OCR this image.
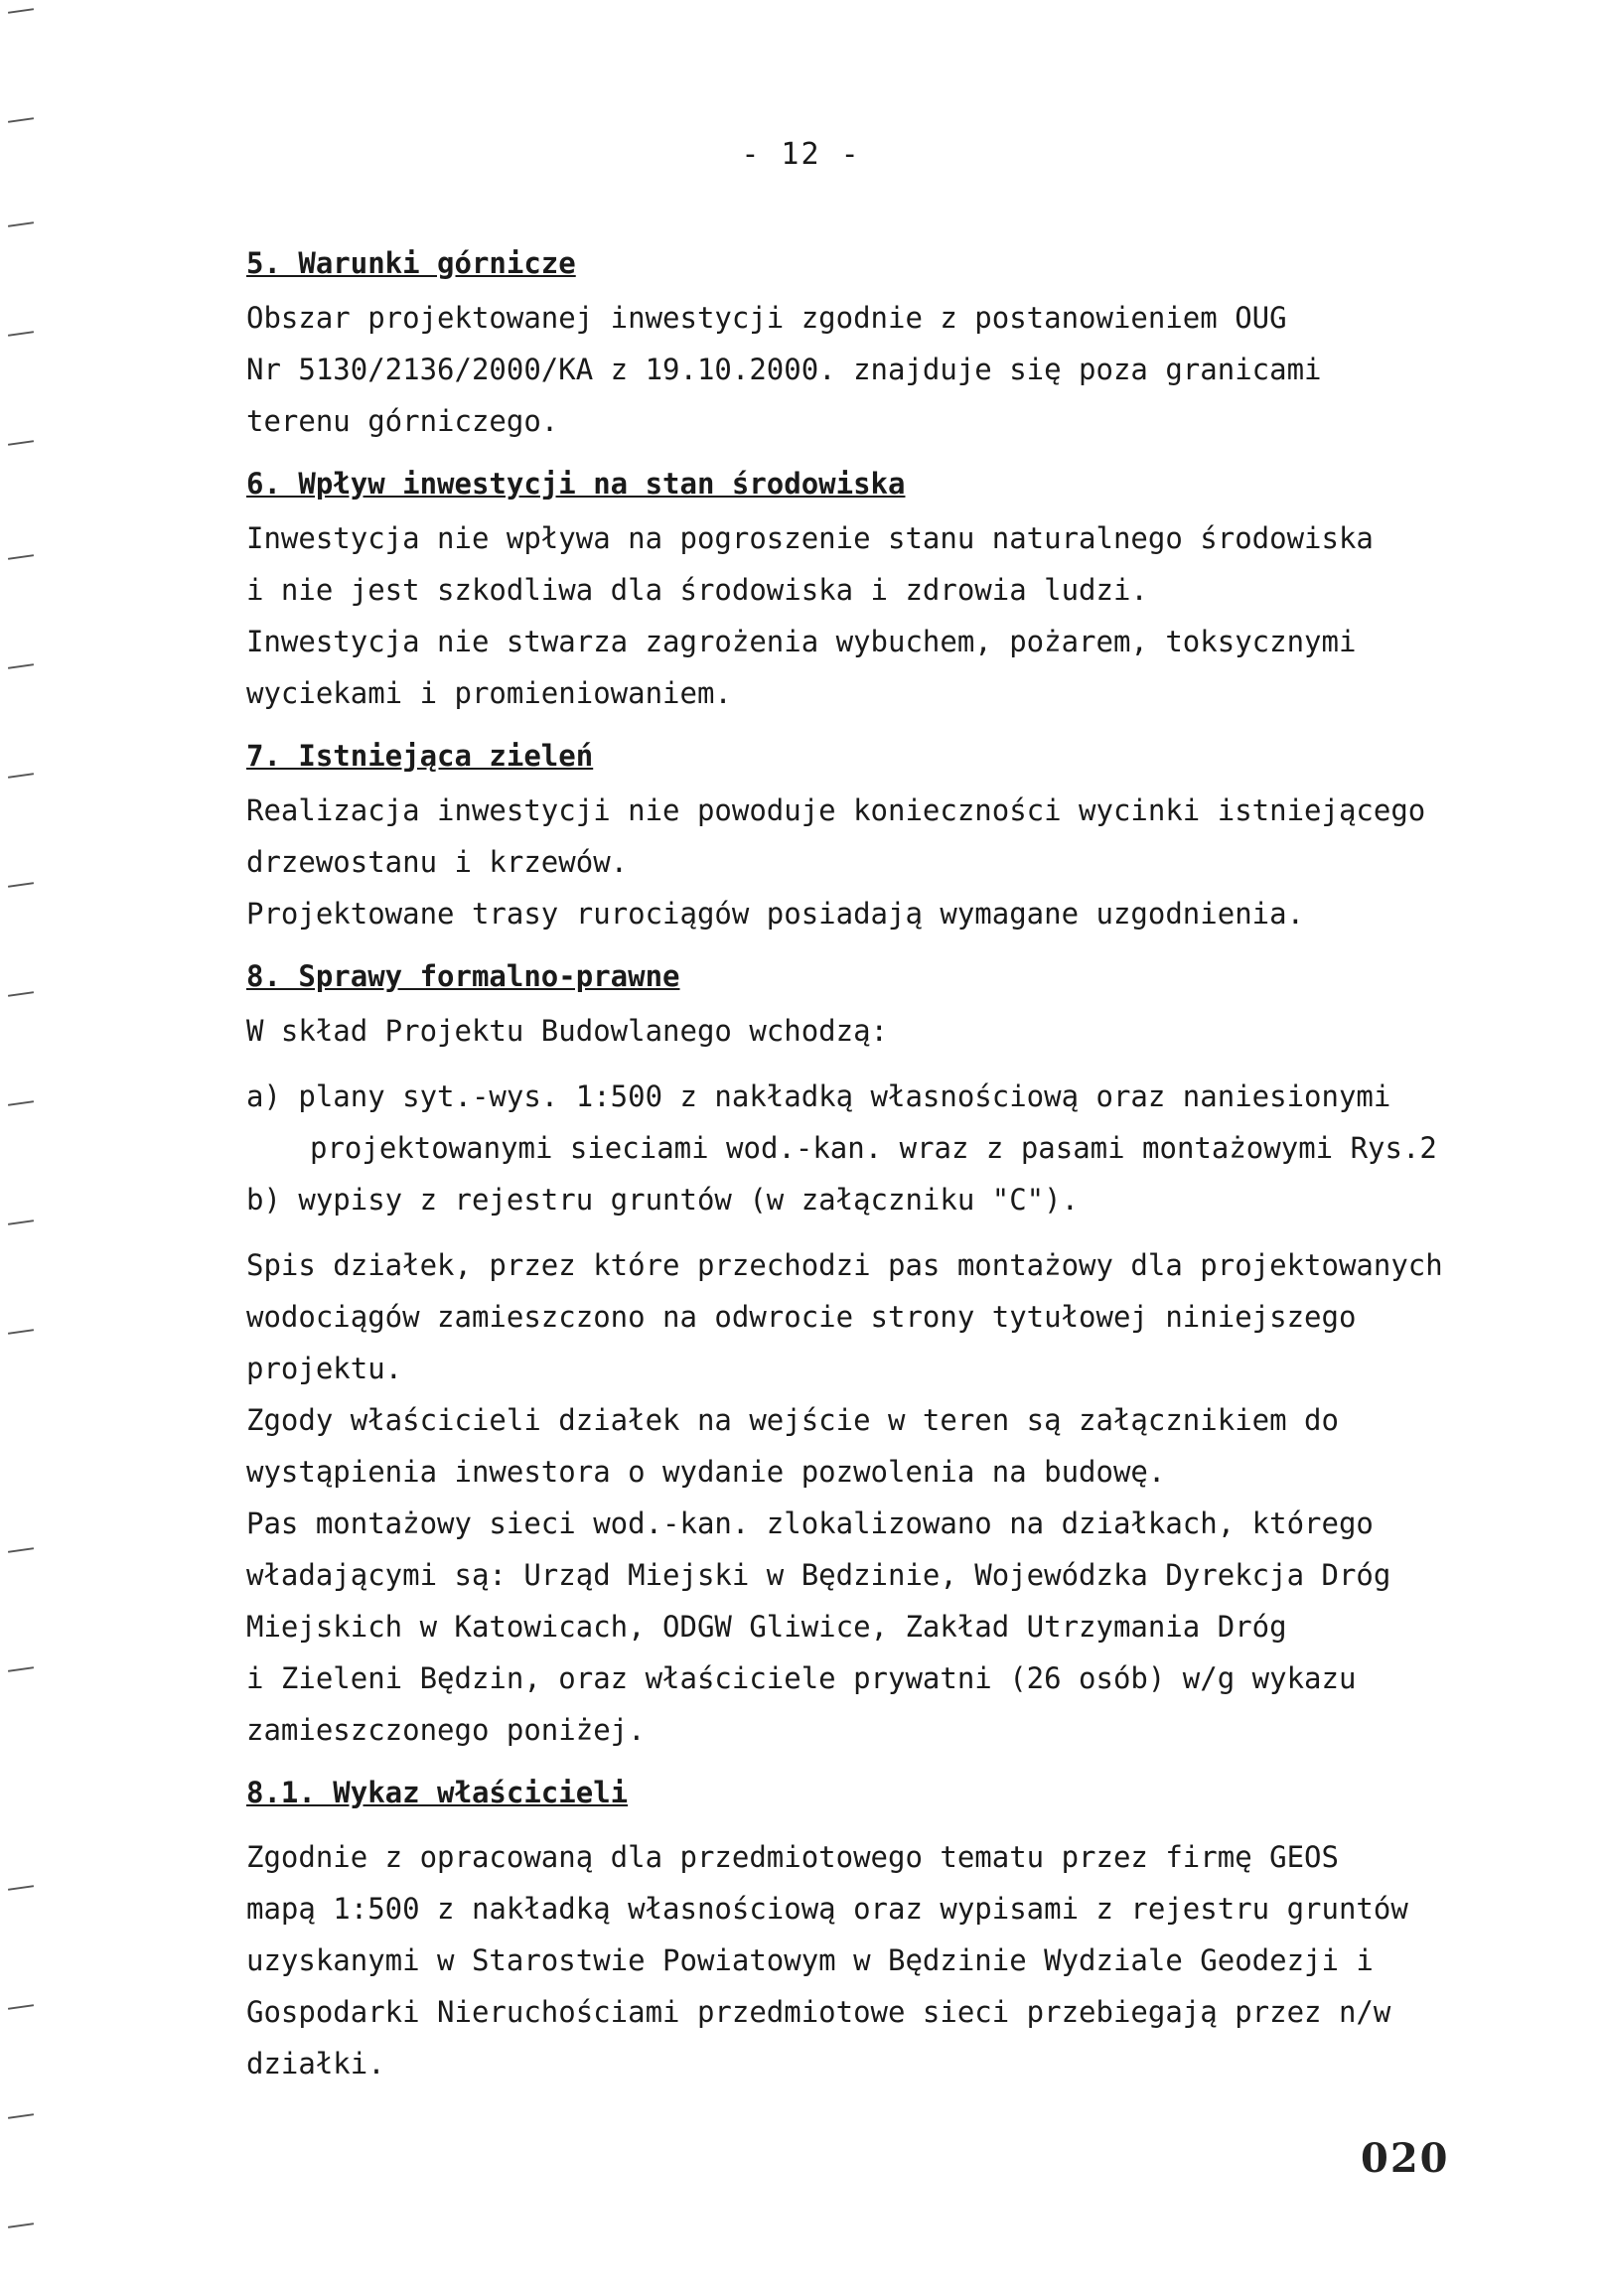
- 12 -
5. Warunki górnicze
Obszar projektowanej inwestycji zgodnie z postanowieniem OUG
Nr 5130/2136/2000/KA z 19.10.2000. znajduje się poza granicami
terenu górniczego.
6. Wpływ inwestycji na stan środowiska
Inwestycja nie wpływa na pogroszenie stanu naturalnego środowiska
i nie jest szkodliwa dla środowiska i zdrowia ludzi.
Inwestycja nie stwarza zagrożenia wybuchem, pożarem, toksycznymi
wyciekami i promieniowaniem.
7. Istniejąca zieleń
Realizacja inwestycji nie powoduje konieczności wycinki istniejącego
drzewostanu i krzewów.
Projektowane trasy rurociągów posiadają wymagane uzgodnienia.
8. Sprawy formalno-prawne
W skład Projektu Budowlanego wchodzą:
a) plany syt.-wys. 1:500 z nakładką własnościową oraz naniesionymi
projektowanymi sieciami wod.-kan. wraz z pasami montażowymi Rys.2
b) wypisy z rejestru gruntów (w załączniku "C").
Spis działek, przez które przechodzi pas montażowy dla projektowanych
wodociągów zamieszczono na odwrocie strony tytułowej niniejszego
projektu.
Zgody właścicieli działek na wejście w teren są załącznikiem do
wystąpienia inwestora o wydanie pozwolenia na budowę.
Pas montażowy sieci wod.-kan. zlokalizowano na działkach, którego
władającymi są: Urząd Miejski w Będzinie, Wojewódzka Dyrekcja Dróg
Miejskich w Katowicach, ODGW Gliwice, Zakład Utrzymania Dróg
i Zieleni Będzin, oraz właściciele prywatni (26 osób) w/g wykazu
zamieszczonego poniżej.
8.1. Wykaz właścicieli
Zgodnie z opracowaną dla przedmiotowego tematu przez firmę GEOS
mapą 1:500 z nakładką własnościową oraz wypisami z rejestru gruntów
uzyskanymi w Starostwie Powiatowym w Będzinie Wydziale Geodezji i
Gospodarki Nieruchościami przedmiotowe sieci przebiegają przez n/w
działki.
020
